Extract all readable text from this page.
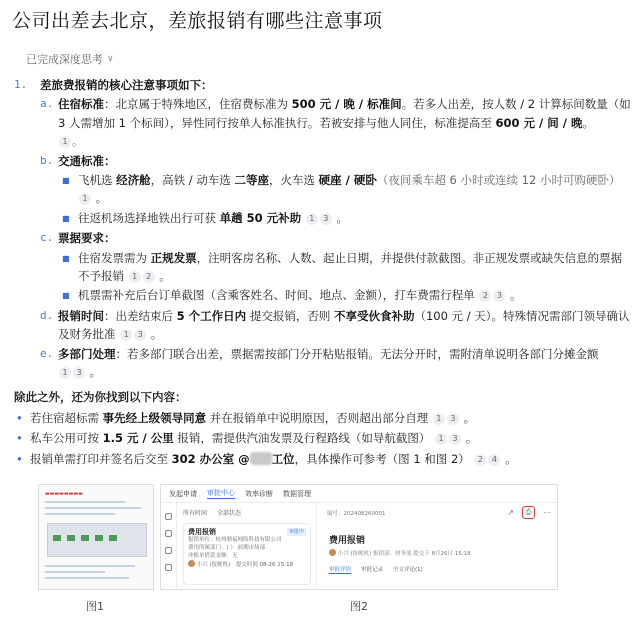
公司出差去北京，差旅报销有哪些注意事项
已完成深度思考 ∨
1.	差旅费报销的核心注意事项如下：
a. 住宿标准：北京属于特殊地区，住宿费标准为 500 元 / 晚 / 标准间。若多人出差，按人数 / 2 计算标间数量（如 3 人需增加 1 个标间），异性同行按单人标准执行。若被安排与他人同住，标准提高至 600 元 / 间 / 晚。
1 。
b. 交通标准：
■ 飞机选 经济舱，高铁 / 动车选 二等座，火车选 硬座 / 硬卧（夜间乘车超 6 小时或连续 12 小时可购硬卧） 1 。
■ 往返机场选择地铁出行可获 单趟 50 元补助 1 3 。
c. 票据要求：
■ 住宿发票需为 正规发票，注明客房名称、人数、起止日期，并提供付款截图。非正规发票或缺失信息的票据不予报销 1 2 。
■ 机票需补充后台订单截图（含乘客姓名、时间、地点、金额），打车费需行程单 2 3 。
d. 报销时间：出差结束后 5 个工作日内 提交报销，否则 不享受伙食补助（100 元 / 天）。特殊情况需部门领导确认及财务批准 1 3 。
e. 多部门处理：若多部门联合出差，票据需按部门分开粘贴报销。无法分开时，需附清单说明各部门分摊金额
1 3 。
除此之外，还为你找到以下内容：
• 若住宿超标需 事先经上级领导同意 并在报销单中说明原因，否则超出部分自理 1 3 。
• 私车公用可按 1.5 元 / 公里 报销，需提供汽油发票及行程路线（如导航截图） 1 3 。
• 报销单需打印并签名后交至 302 办公室 @ 工位，具体操作可参考（图 1 和图 2） 2 4 。
▬▬▬▬▬▬▬▬	发起申请 审批中心 效率诊断 数据管理
所有时间 全部状态
费用报销	审批中
报销单位：杭州鼎福网络科技有限公司
费用所属部门：( ） 前期市场部
冲账单借款金额：无
小兴 (报帐机)　 提交时间 08-26 15:18
编号：202408260001	↗	⎙	⋯
费用报销
小兴 (报帐机) 报销部：财务部 提交于 8月26日 15:18
审批详情 审批记录 全文评论(1)
图1	图2
